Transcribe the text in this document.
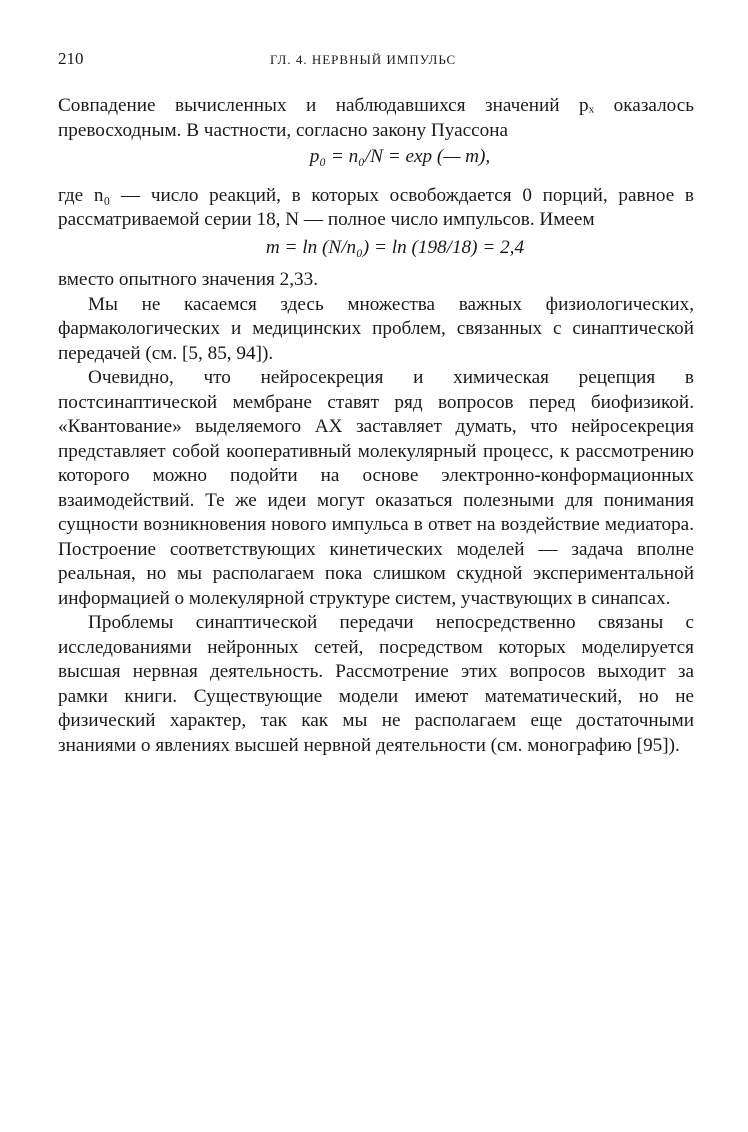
210	ГЛ. 4. НЕРВНЫЙ ИМПУЛЬС

Совпадение вычисленных и наблюдавшихся значений pₓ оказалось превосходным. В частности, согласно закону Пуассона

p₀ = n₀/N = exp (— m),

где n₀ — число реакций, в которых освобождается 0 порций, равное в рассматриваемой серии 18, N — полное число импульсов. Имеем

m = ln (N/n₀) = ln (198/18) = 2,4

вместо опытного значения 2,33.

Мы не касаемся здесь множества важных физиологических, фармакологических и медицинских проблем, связанных с синаптической передачей (см. [5, 85, 94]).

Очевидно, что нейросекреция и химическая рецепция в постсинаптической мембране ставят ряд вопросов перед биофизикой. «Квантование» выделяемого АХ заставляет думать, что нейросекреция представляет собой кооперативный молекулярный процесс, к рассмотрению которого можно подойти на основе электронно-конформационных взаимодействий. Те же идеи могут оказаться полезными для понимания сущности возникновения нового импульса в ответ на воздействие медиатора. Построение соответствующих кинетических моделей — задача вполне реальная, но мы располагаем пока слишком скудной экспериментальной информацией о молекулярной структуре систем, участвующих в синапсах.

Проблемы синаптической передачи непосредственно связаны с исследованиями нейронных сетей, посредством которых моделируется высшая нервная деятельность. Рассмотрение этих вопросов выходит за рамки книги. Существующие модели имеют математический, но не физический характер, так как мы не располагаем еще достаточными знаниями о явлениях высшей нервной деятельности (см. монографию [95]).
